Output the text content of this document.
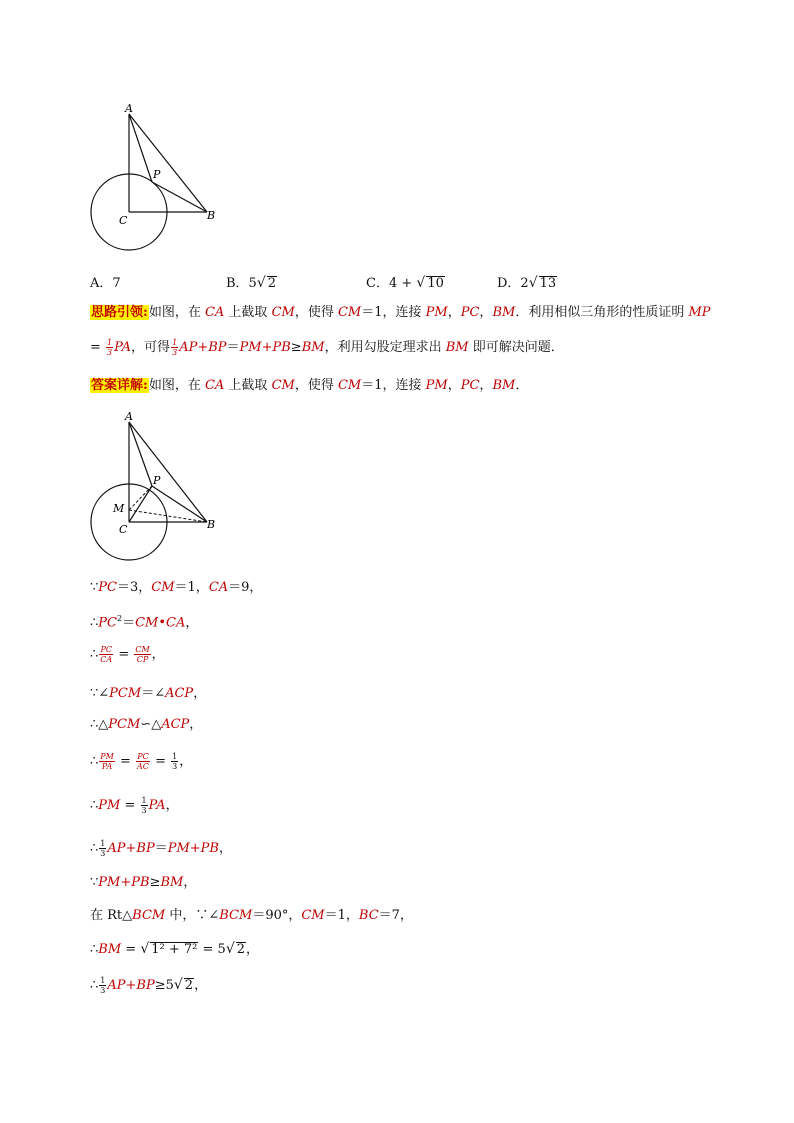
A
P
C	B
A．7	B．5√ 2	C．4 + √ 10	D．2√ 13
思路引领:如图，在 CA 上截取 CM，使得 CM＝1，连接 PM，PC，BM．利用相似三角形的性质证明 MP
= $\frac{1}{3}$ PA，可得 $\frac{1}{3} AP+BP=PM+PB\ge BM$，利用勾股定理求出 BM 即可解决问题．
答案详解:如图，在 CA 上截取 CM，使得 CM＝1，连接 PM，PC，BM．
A
P
M
C	B
∵PC＝3，CM＝1，CA＝9，
$\therefore PC^2=CM•CA$，
∴ $\frac{PC}{CA} = \frac{CM}{CP}$ ，
∵∠PCM＝∠ACP，
∴△PCM∽△ACP，
∴ $\frac{PM}{PA} = \frac{PC}{AC} = \frac{1}{3}$ ，
∴PM = $\frac{1}{3}$ PA，
∴ $\frac{1}{3} AP+BP=PM+PB$，
∵PM+PB≥BM，
在 Rt△BCM 中，∵∠BCM＝90°，CM＝1，BC＝7，
∴BM = √ 1² + 7² = 5√ 2，
∴ $\frac{1}{3} AP+BP\ge 5√$ 2，
